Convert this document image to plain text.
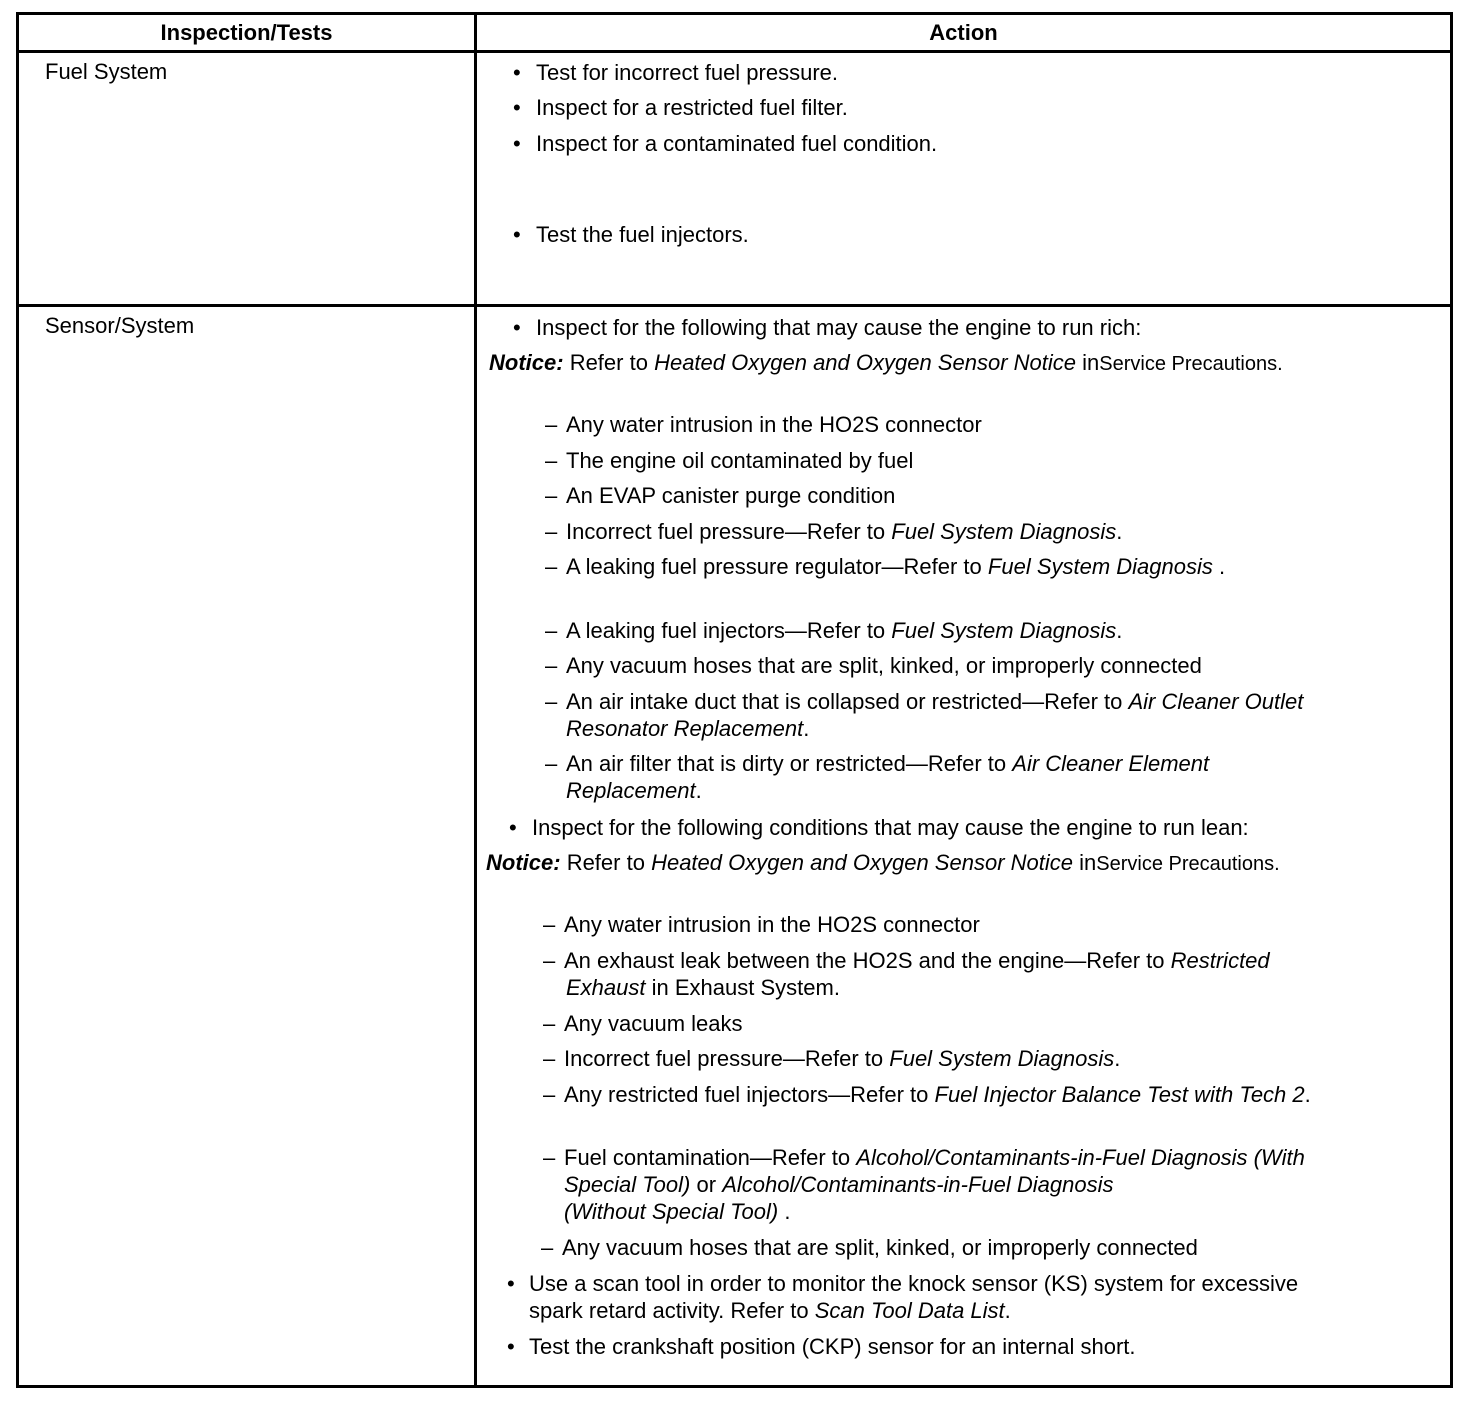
Inspection/Tests	Action
Fuel System	• Test for incorrect fuel pressure.
• Inspect for a restricted fuel filter.
• Inspect for a contaminated fuel condition.
• Test the fuel injectors.
Sensor/System	• Inspect for the following that may cause the engine to run rich:
Notice: Refer to Heated Oxygen and Oxygen Sensor Notice inService Precautions.
– Any water intrusion in the HO2S connector
– The engine oil contaminated by fuel
– An EVAP canister purge condition
– Incorrect fuel pressure—Refer to Fuel System Diagnosis.
– A leaking fuel pressure regulator—Refer to Fuel System Diagnosis .
– A leaking fuel injectors—Refer to Fuel System Diagnosis.
– Any vacuum hoses that are split, kinked, or improperly connected
– An air intake duct that is collapsed or restricted—Refer to Air Cleaner Outlet
Resonator Replacement.
– An air filter that is dirty or restricted—Refer to Air Cleaner Element
Replacement.
• Inspect for the following conditions that may cause the engine to run lean:
Notice: Refer to Heated Oxygen and Oxygen Sensor Notice inService Precautions.
– Any water intrusion in the HO2S connector
– An exhaust leak between the HO2S and the engine—Refer to Restricted
Exhaust in Exhaust System.
– Any vacuum leaks
– Incorrect fuel pressure—Refer to Fuel System Diagnosis.
– Any restricted fuel injectors—Refer to Fuel Injector Balance Test with Tech 2.
– Fuel contamination—Refer to Alcohol/Contaminants-in-Fuel Diagnosis (With
Special Tool) or Alcohol/Contaminants-in-Fuel Diagnosis
(Without Special Tool) .
– Any vacuum hoses that are split, kinked, or improperly connected
• Use a scan tool in order to monitor the knock sensor (KS) system for excessive
spark retard activity. Refer to Scan Tool Data List.
• Test the crankshaft position (CKP) sensor for an internal short.
